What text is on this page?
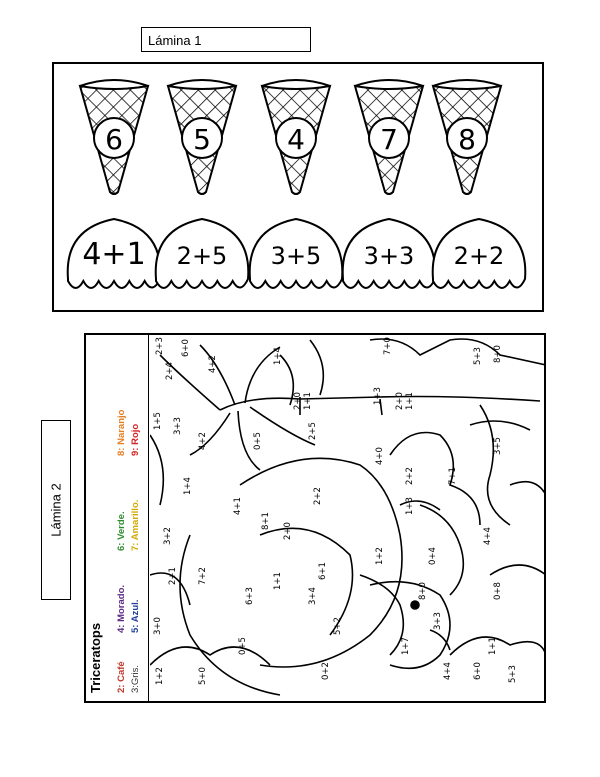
Lámina 1
6	5	4	7 8
4+1 2+5 3+5 3+3 2+2
Lámina 2
Triceratops 2: Café 3:Gris.
4: Morado. 5: Azul.
6: Verde. 7: Amarillo.
8: Naranjo 9: Rojo
2+3 6+0
2+4	4+2	1+4
7+0
5+3 8+0
2+0 1+1	1+3 2+0 1+1
1+5 3+3
4+2	0+5
2+5
4+0
3+5
1+4
2+2
2+2
7+1
4+1
8+1
2+0
1+3
3+2
7+2
2+1	1+1
6+3
6+1
1+2	0+4
4+4
3+0
3+4	8+0	0+8
0+5
5+2	3+3
1+7	1+1
1+2	5+0	0+2	4+4 6+0	5+3
